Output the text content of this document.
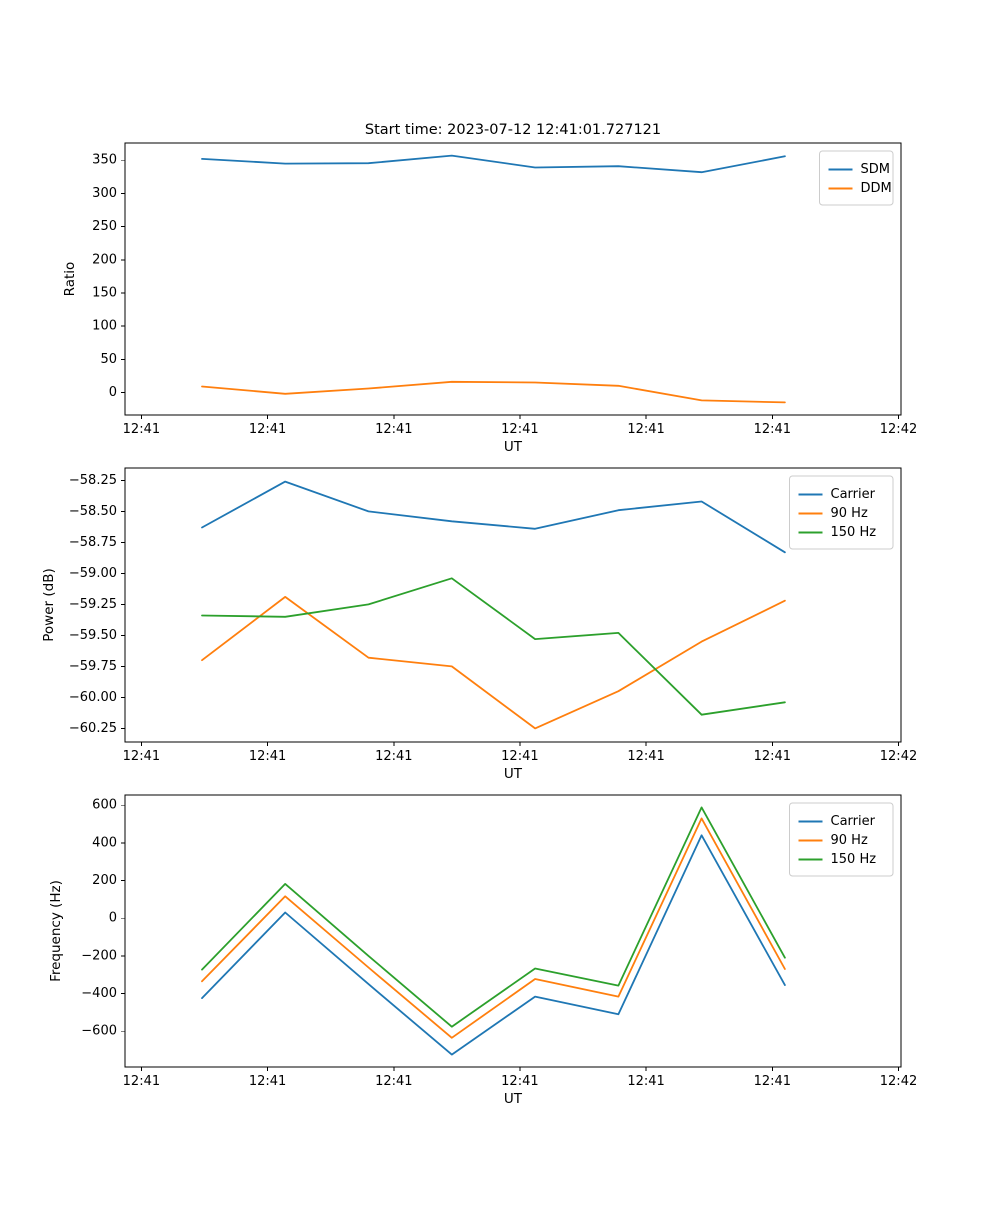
Start time: 2023-07-12 12:41:01.727121
0
50
100
150
200
250
300
350
12:41	12:41	12:41	12:41	12:41	12:41	12:42
UT
Ratio
SDM
DDM
−58.25
−58.50
−58.75
−59.00
−59.25
−59.50
−59.75
−60.00
−60.25
12:41	12:41	12:41	12:41	12:41	12:41	12:42
UT
Power (dB)
Carrier
90 Hz
150 Hz
−600
−400
−200
0
200
400
600
12:41	12:41	12:41	12:41	12:41	12:41	12:42
UT
Frequency (Hz)
Carrier
90 Hz
150 Hz
